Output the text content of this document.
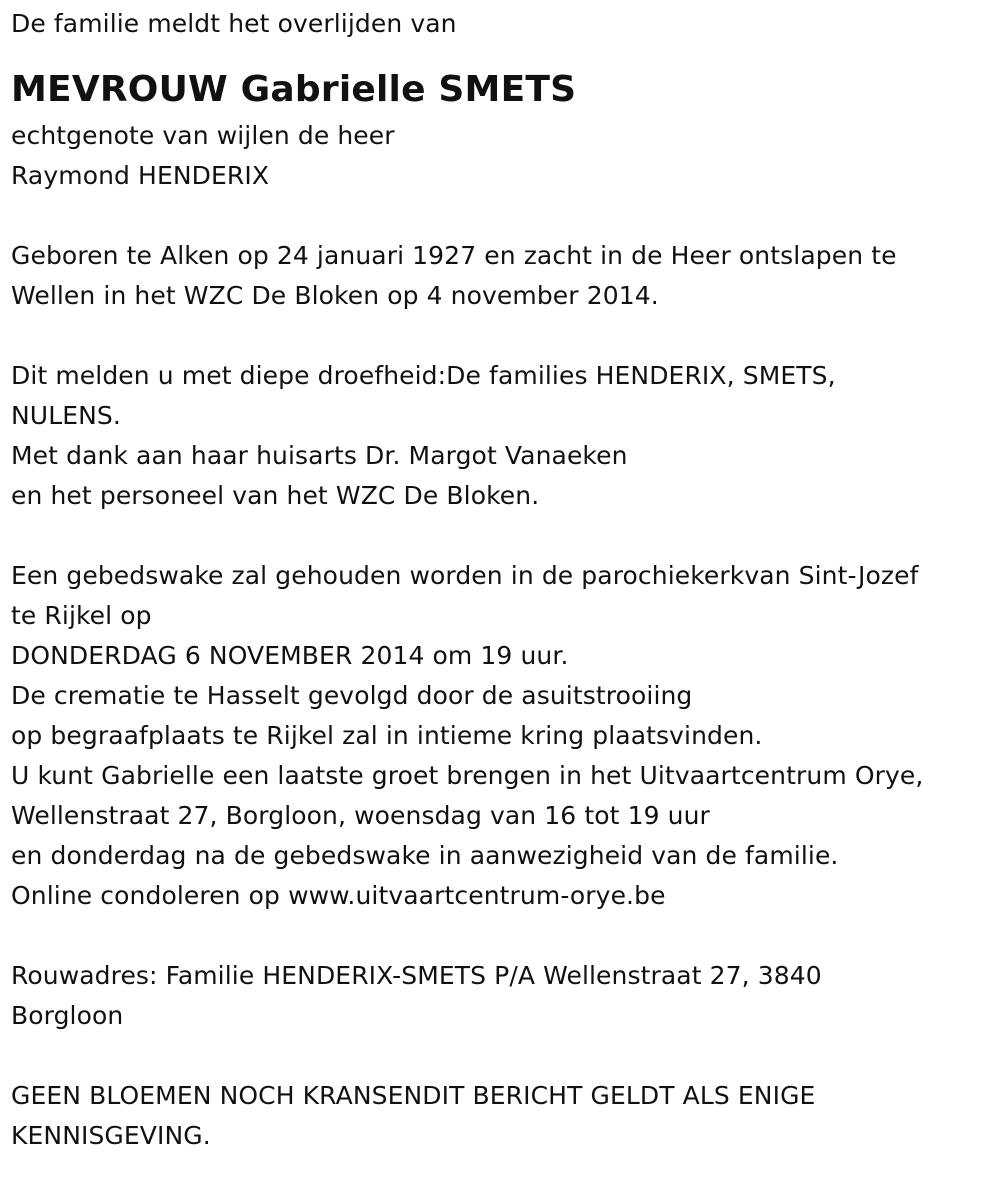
De familie meldt het overlijden van
MEVROUW Gabrielle SMETS
echtgenote van wijlen de heer
Raymond HENDERIX
Geboren te Alken op 24 januari 1927 en zacht in de Heer ontslapen te
Wellen in het WZC De Bloken op 4 november 2014.
Dit melden u met diepe droefheid:De families HENDERIX, SMETS,
NULENS.
Met dank aan haar huisarts Dr. Margot Vanaeken
en het personeel van het WZC De Bloken.
Een gebedswake zal gehouden worden in de parochiekerkvan Sint-Jozef
te Rijkel op
DONDERDAG 6 NOVEMBER 2014 om 19 uur.
De crematie te Hasselt gevolgd door de asuitstrooiing
op begraafplaats te Rijkel zal in intieme kring plaatsvinden.
U kunt Gabrielle een laatste groet brengen in het Uitvaartcentrum Orye,
Wellenstraat 27, Borgloon, woensdag van 16 tot 19 uur
en donderdag na de gebedswake in aanwezigheid van de familie.
Online condoleren op www.uitvaartcentrum-orye.be
Rouwadres: Familie HENDERIX-SMETS P/A Wellenstraat 27, 3840
Borgloon
GEEN BLOEMEN NOCH KRANSENDIT BERICHT GELDT ALS ENIGE
KENNISGEVING.
